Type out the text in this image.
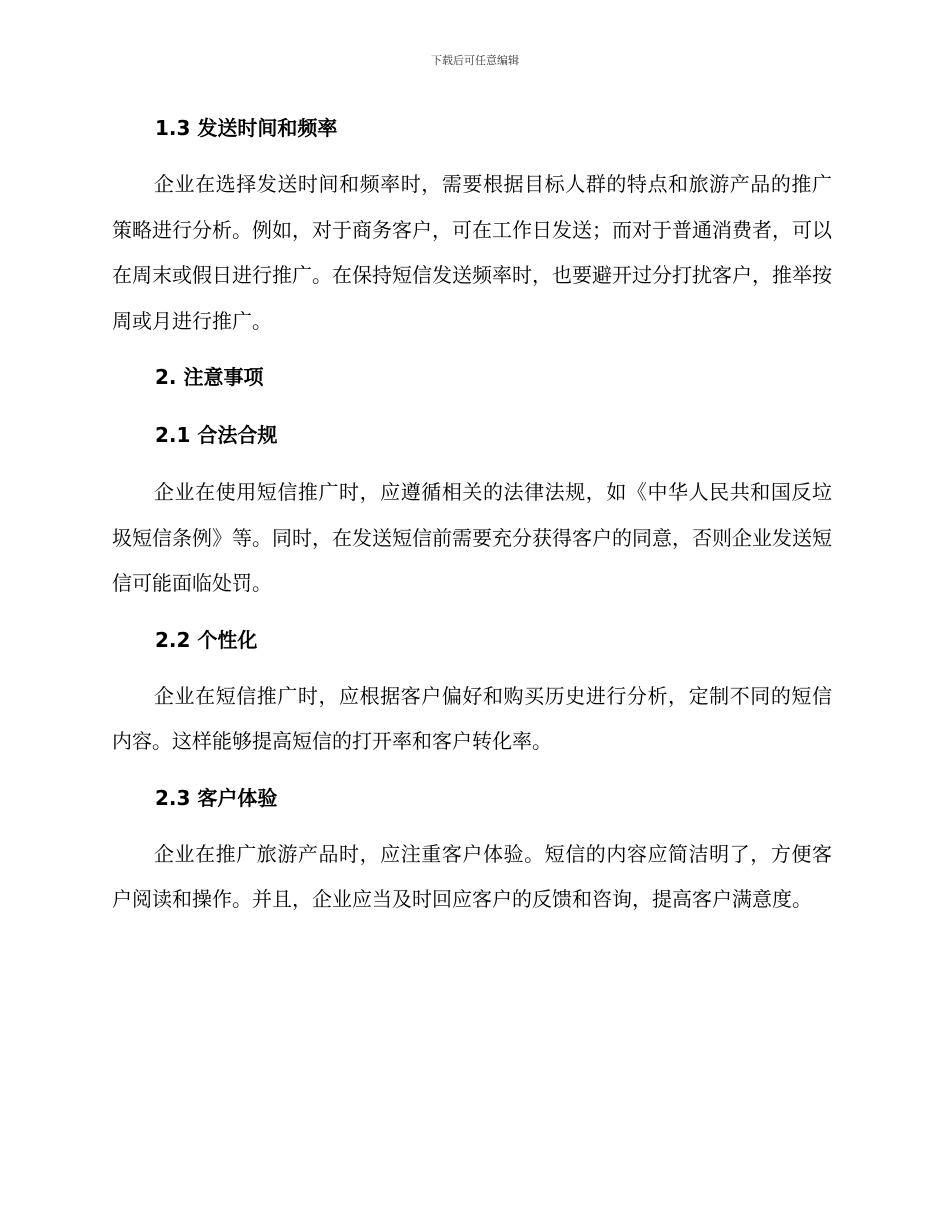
下载后可任意编辑
1.3 发送时间和频率

企业在选择发送时间和频率时，需要根据目标人群的特点和旅游产品的推广策略进行分析。例如，对于商务客户，可在工作日发送；而对于普通消费者，可以在周末或假日进行推广。在保持短信发送频率时，也要避开过分打扰客户，推举按周或月进行推广。

2. 注意事项
2.1 合法合规

企业在使用短信推广时，应遵循相关的法律法规，如《中华人民共和国反垃圾短信条例》等。同时，在发送短信前需要充分获得客户的同意，否则企业发送短信可能面临处罚。

2.2 个性化

企业在短信推广时，应根据客户偏好和购买历史进行分析，定制不同的短信内容。这样能够提高短信的打开率和客户转化率。

2.3 客户体验

企业在推广旅游产品时，应注重客户体验。短信的内容应简洁明了，方便客户阅读和操作。并且，企业应当及时回应客户的反馈和咨询，提高客户满意度。
